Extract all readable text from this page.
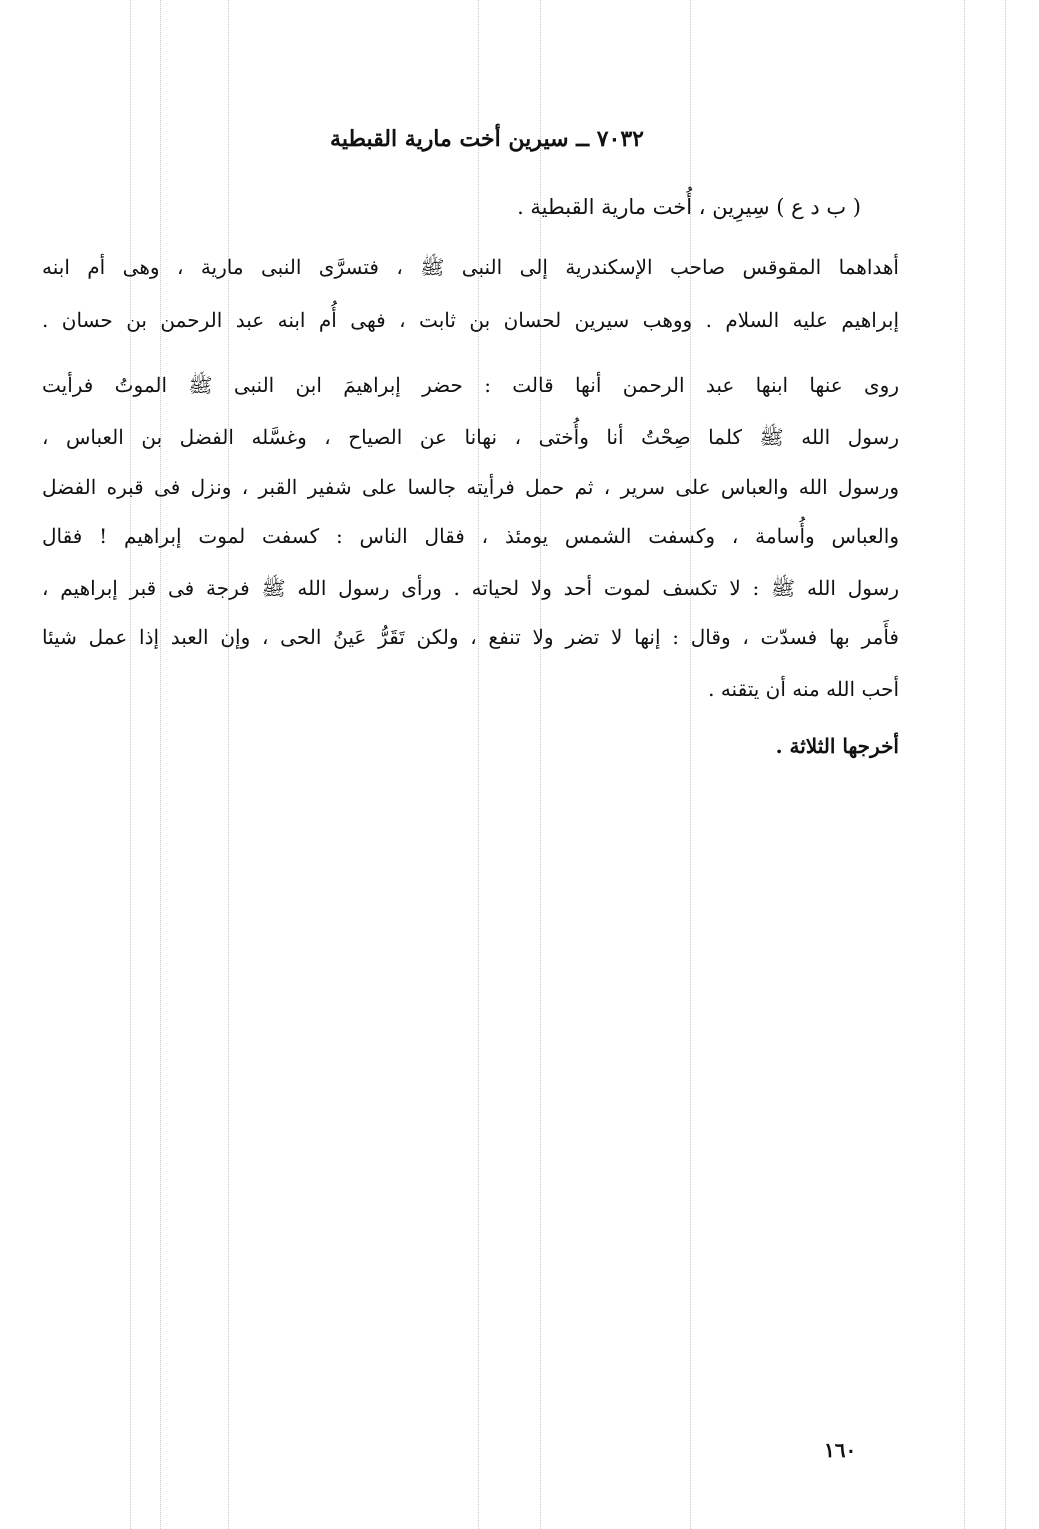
٧٠٣٢ ــ سيرين أخت مارية القبطية
( ب د ع ) سِيرِين ، أُخت مارية القبطية .
أهداهما المقوقس صاحب الإسكندرية إلى النبى ﷺ ، فتسرَّى النبى مارية ، وهى أم ابنه
إبراهيم عليه السلام . ووهب سيرين لحسان بن ثابت ، فهى أُم ابنه عبد الرحمن بن حسان .
روى عنها ابنها عبد الرحمن أنها قالت : حضر إبراهيمَ ابن النبى ﷺ الموتُ فرأيت
رسول الله ﷺ كلما صِحْتُ أنا وأُختى ، نهانا عن الصياح ، وغسَّله الفضل بن العباس ،
ورسول الله والعباس على سرير ، ثم حمل فرأيته جالسا على شفير القبر ، ونزل فى قبره الفضل
والعباس وأُسامة ، وكسفت الشمس يومئذ ، فقال الناس : كسفت لموت إبراهيم ! فقال
رسول الله ﷺ : لا تكسف لموت أحد ولا لحياته . ورأى رسول الله ﷺ فرجة فى قبر إبراهيم ،
فأَمر بها فسدّت ، وقال : إنها لا تضر ولا تنفع ، ولكن تَقَرُّ عَينُ الحى ، وإن العبد إذا عمل شيئا
أحب الله منه أن يتقنه .
أخرجها الثلاثة .
١٦٠
